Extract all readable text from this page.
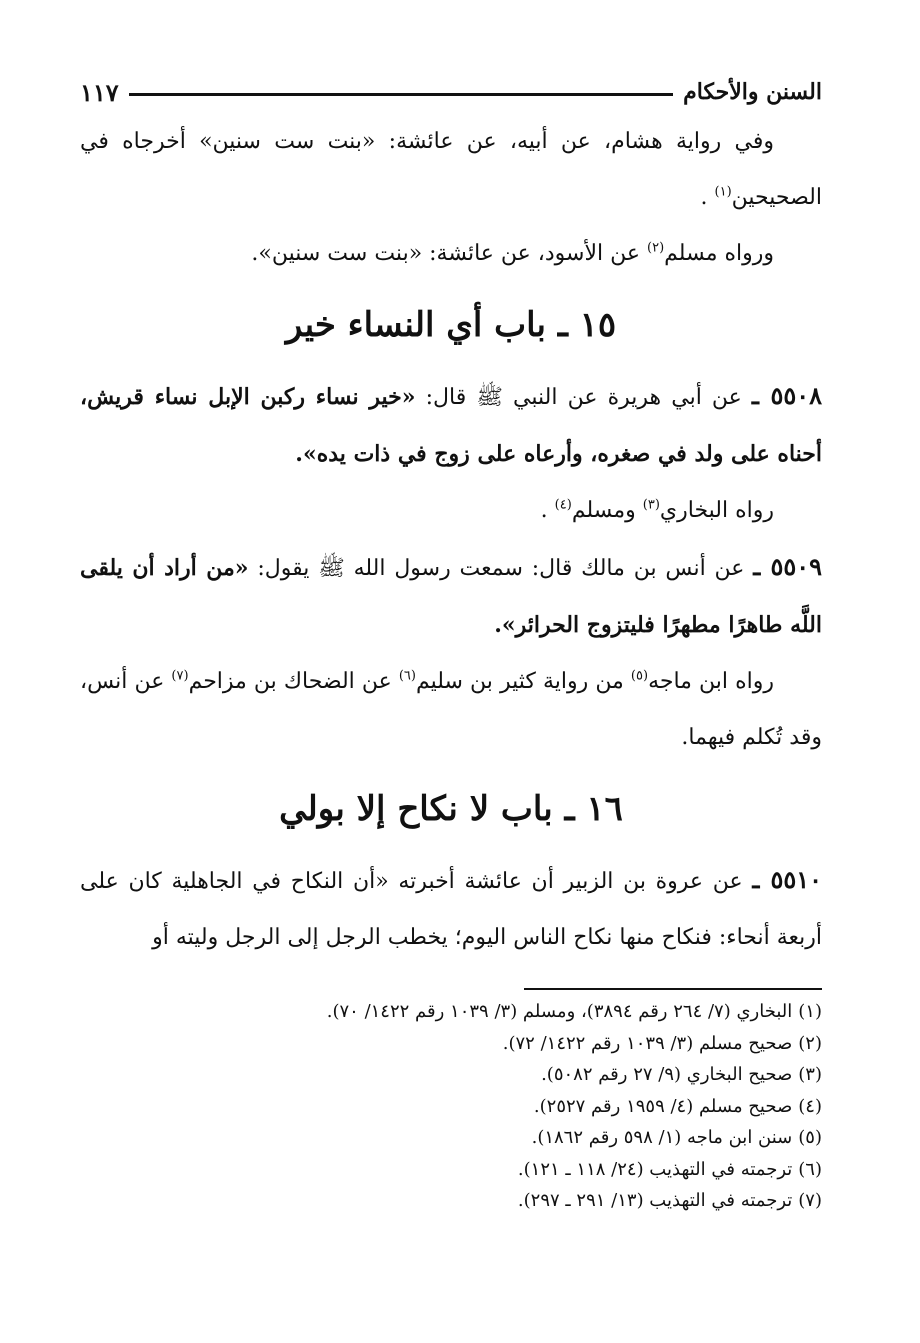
السنن والأحكام
١١٧

وفي رواية هشام، عن أبيه، عن عائشة: «بنت ست سنين» أخرجاه في الصحيحين$^{(١)}$ .

ورواه مسلم$^{(٢)}$ عن الأسود، عن عائشة: «بنت ست سنين».

١٥ ـ باب أي النساء خير

٥٥٠٨ ـ عن أبي هريرة عن النبي ﷺ قال: «خير نساء ركبن الإبل نساء قريش، أحناه على ولد في صغره، وأرعاه على زوج في ذات يده».

رواه البخاري$^{(٣)}$ ومسلم$^{(٤)}$ .

٥٥٠٩ ـ عن أنس بن مالك قال: سمعت رسول الله ﷺ يقول: «من أراد أن يلقى اللَّه طاهرًا مطهرًا فليتزوج الحرائر».

رواه ابن ماجه$^{(٥)}$ من رواية كثير بن سليم$^{(٦)}$ عن الضحاك بن مزاحم$^{(٧)}$ عن أنس، وقد تُكلم فيهما.

١٦ ـ باب لا نكاح إلا بولي

٥٥١٠ ـ عن عروة بن الزبير أن عائشة أخبرته «أن النكاح في الجاهلية كان على أربعة أنحاء: فنكاح منها نكاح الناس اليوم؛ يخطب الرجل إلى الرجل وليته أو

(١)البخاري (٧/ ٢٦٤ رقم ٣٨٩٤)، ومسلم (٣/ ١٠٣٩ رقم ١٤٢٢/ ٧٠).
(٢)صحيح مسلم (٣/ ١٠٣٩ رقم ١٤٢٢/ ٧٢).
(٣)صحيح البخاري (٩/ ٢٧ رقم ٥٠٨٢).
(٤)صحيح مسلم (٤/ ١٩٥٩ رقم ٢٥٢٧).
(٥)سنن ابن ماجه (١/ ٥٩٨ رقم ١٨٦٢).
(٦)ترجمته في التهذيب (٢٤/ ١١٨ ـ ١٢١).
(٧)ترجمته في التهذيب (١٣/ ٢٩١ ـ ٢٩٧).
